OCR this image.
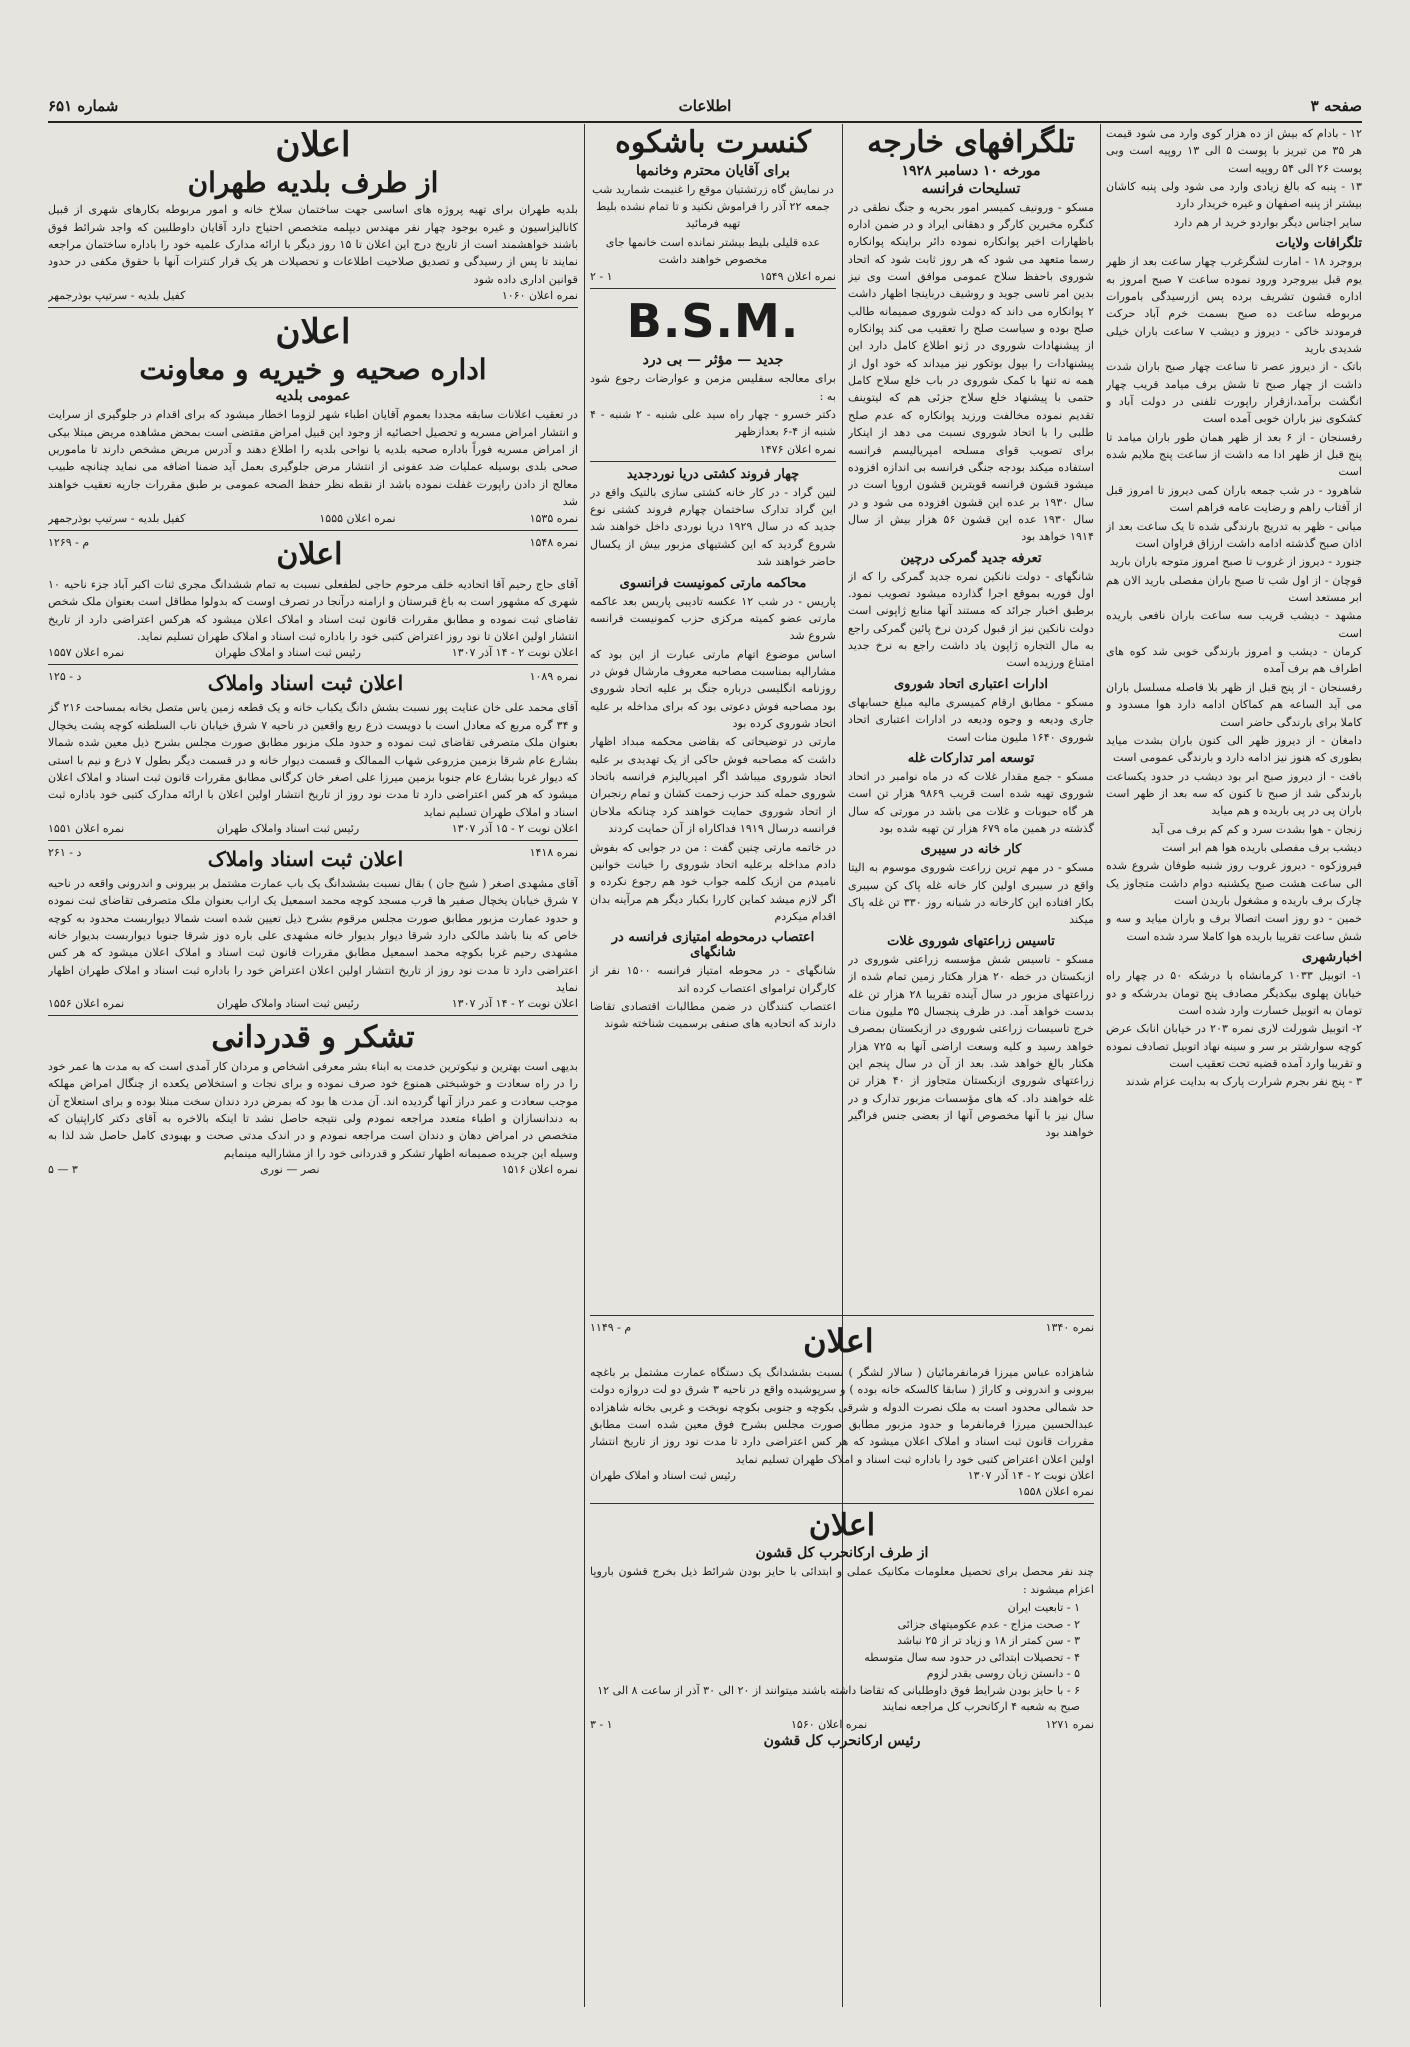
صفحه ۳
اطلاعات
شماره ۶۵۱
۱۲ - بادام که بیش از ده هزار کوی وارد می شود قیمت هر ۳۵ من تبریز با پوست ۵ الی ۱۳ روپیه است وبی پوست ۲۶ الی ۵۴ روپیه است
۱۳ - پنبه که بالغ زیادی وارد می شود ولی پنبه کاشان بیشتر از پنبه اصفهان و غیره خریدار دارد
سایر اجناس دیگر بواردو خرید ار هم دارد
تلگرافات ولایات
بروجرد ۱۸ - امارت لشگرغرب چهار ساعت بعد از ظهر یوم قبل بیروجرد ورود نموده ساعت ۷ صبح امروز به اداره قشون تشریف برده پس ازرسیدگی بامورات مربوطه ساعت ده صبح بسمت خرم آباد حرکت فرمودند خاکی - دیروز و دیشب ۷ ساعت باران خیلی شدیدی بارید
باتک - از دیروز عصر تا ساعت چهار صبح باران شدت داشت از چهار صبح تا شش برف میامد قریب چهار انگشت برآمد،ازقرار راپورت تلفنی در دولت آباد و کشکوی نیز باران خوبی آمده است
رفسنجان - از ۶ بعد از ظهر همان طور باران میامد تا پنج قبل از ظهر ادا مه داشت از ساعت پنج ملایم شده است
شاهرود - در شب جمعه باران کمی دیروز تا امروز قبل از آفتاب راهم و رضایت عامه فراهم است
میانی - ظهر به تدریج بارندگی شده تا یک ساعت بعد از اذان صبح گذشته ادامه داشت ارزاق فراوان است
جنورد - دیروز از غروب تا صبح امروز متوجه باران بارید
قوچان - از اول شب تا صبح باران مفصلی بارید الان هم ابر مستعد است
مشهد - دیشب قریب سه ساعت باران نافعی باریده است
کرمان - دیشب و امروز بارندگی خوبی شد کوه های اطراف هم برف آمده
رفسنجان - از پنج قبل از ظهر بلا فاصله مسلسل باران می آید الساعه هم کماکان ادامه دارد هوا مسدود و کاملا برای بارندگی حاضر است
دامغان - از دیروز ظهر الی کنون باران بشدت میاید بطوری که هنوز نیز ادامه دارد و بارندگی عمومی است
بافت - از دیروز صبح ابر بود دیشب در حدود یکساعت بارندگی شد از صبح تا کنون که سه بعد از ظهر است باران پی در پی باریده و هم میاید
زنجان - هوا بشدت سرد و کم کم برف می آید
دیشب برف مفصلی باریده هوا هم ابر است
فیروزکوه - دیروز غروب روز شنبه طوفان شروع شده الی ساعت هشت صبح یکشنبه دوام داشت متجاوز یک چارک برف باریده و مشغول باریدن است
خمین - دو روز است اتصالا برف و باران میاید و سه و شش ساعت تقریبا باریده هوا کاملا سرد شده است
اخبارشهری
۱- اتوبیل ۱۰۳۳ کرمانشاه با درشکه ۵۰ در چهار راه خیابان پهلوی بیکدیگر مصادف پنج تومان بدرشکه و دو تومان به اتوبیل خسارت وارد شده است
۲- اتوبیل شورلت لاری نمره ۲۰۳ در خیابان انابک عرض کوچه سوارشتر بر سر و سینه نهاد اتوبیل تصادف نموده و تقریبا وارد آمده قضیه تحت تعقیب است
۳ - پنج نفر بجرم شرارت پارک به بدایت عزام شدند
تلگرافهای خارجه
مورخه ۱۰ دسامبر ۱۹۲۸
تسلیحات فرانسه
مسکو - ورونیف کمیسر امور بحریه و جنگ نطقی در کنگره مخبرین کارگر و دهقانی ایراد و در ضمن اداره باظهارات اخیر پوانکاره نموده دائر براینکه پوانکاره رسما متعهد می شود که هر روز ثابت شود که اتحاد شوروی باحفظ سلاح عمومی موافق است وی نیز بدین امر تاسی جوید و روشیف درباینجا اظهار داشت ۲ پوانکاره می داند که دولت شوروی صمیمانه طالب صلح بوده و سیاست صلح را تعقیب می کند پوانکاره از پیشنهادات شوروی در ژنو اطلاع کامل دارد این پیشنهادات را بپول بوتکور نیز میداند که خود اول از همه نه تنها با کمک شوروی در باب خلع سلاح کامل حتمی با پیشنهاد خلع سلاح جزئی هم که لیتوینف تقدیم نموده مخالفت ورزید پوانکاره که عدم صلح طلبی را با اتحاد شوروی نسبت می دهد از اینکار برای تصویب قوای مسلحه امپریالیسم فرانسه استفاده میکند بودجه جنگی فرانسه بی اندازه افزوده میشود قشون فرانسه قویترین قشون اروپا است در سال ۱۹۳۰ بر عده این قشون افزوده می شود و در سال ۱۹۳۰ عده این قشون ۵۶ هزار بیش از سال ۱۹۱۴ خواهد بود
تعرفه جدید گمرکی درچین
شانگهای - دولت نانکین نمره جدید گمرکی را که از اول فوریه بموقع اجرا گذارده میشود تصویب نمود. برطبق اخبار جرائد که مستند آنها منابع ژاپونی است دولت نانکین نیز از قبول کردن نرخ پائین گمرکی راجع به مال التجاره ژاپون یاد داشت راجع به نرخ جدید امتناع ورزیده است
ادارات اعتباری اتحاد شوروی
مسکو - مطابق ارقام کمیسری مالیه مبلغ حسابهای جاری ودیعه و وجوه ودیعه در ادارات اعتباری اتحاد شوروی ۱۶۴۰ ملیون منات است
توسعه امر تدارکات غله
مسکو - جمع مقدار غلات که در ماه نوامبر در اتحاد شوروی تهیه شده است قریب ۹۸۶۹ هزار تن است هر گاه حبوبات و غلات می باشد در مورتی که سال گذشته در همین ماه ۶۷۹ هزار تن تهیه شده بود
کار خانه در سیبری
مسکو - در مهم ترین زراعت شوروی موسوم به الیتا واقع در سیبری اولین کار خانه غله پاک کن سیبری بکار افتاده این کارخانه در شبانه روز ۳۳۰ تن غله پاک میکند
تاسیس زراعتهای شوروی غلات
مسکو - تاسیس شش مؤسسه زراعتی شوروی در ازبکستان در خطه ۲۰ هزار هکتار زمین تمام شده از زراعتهای مزبور در سال آینده تقریبا ۲۸ هزار تن غله بدست خواهد آمد. در ظرف پنجسال ۳۵ ملیون منات خرج تاسیسات زراعتی شوروی در ازبکستان بمصرف خواهد رسید و کلیه وسعت اراضی آنها به ۷۲۵ هزار هکتار بالغ خواهد شد. بعد از آن در سال پنجم این زراعتهای شوروی ازبکستان متجاوز از ۴۰ هزار تن غله خواهند داد. که های مؤسسات مزبور تدارک و در سال نیز با آنها مخصوص آنها از بعضی جنس فراگیر خواهند بود
کنسرت باشکوه
برای آقایان محترم وخانمها
در نمایش گاه زرتشتیان موقع را غنیمت شمارید شب جمعه ۲۲ آذر را فراموش نکنید و تا تمام نشده بلیط تهیه فرمائید
عده قلیلی بلیط بیشتر نمانده است خانمها جای مخصوص خواهند داشت
نمره اعلان ۱۵۴۹
۱ - ۲
B.S.M.
جدید — مؤثر — بی درد
برای معالجه سفلیس مزمن و عوارضات رجوع شود به :
دکتر خسرو - چهار راه سید علی شنبه - ۲ شنبه - ۴ شنبه از ۴-۶ بعدازظهر
نمره اعلان ۱۴۷۶
چهار فروند کشتی دریا نوردجدید
لنین گراد - در کار خانه کشتی سازی بالتیک واقع در این گراد تدارک ساختمان چهارم فروند کشتی نوع جدید که در سال ۱۹۲۹ دریا نوردی داخل خواهند شد شروع گردید که این کشتیهای مزبور بیش از یکسال حاضر خواهند شد
محاکمه مارتی کمونیست فرانسوی
پاریس - در شب ۱۲ عکسه تادیبی پاریس بعد عاکمه مارتی عضو کمیته مرکزی حزب کمونیست فرانسه شروع شد
اساس موضوع اتهام مارتی عبارت از این بود که مشارالیه بمناسبت مصاحبه معروف مارشال فوش در روزنامه انگلیسی درباره جنگ بر علیه اتحاد شوروی بود مصاحبه فوش دعوتی بود که برای مداخله بر علیه اتحاد شوروی کرده بود
مارتی در توضیحاتی که بقاضی محکمه مبداد اظهار داشت که مصاحبه فوش حاکی از یک تهدیدی بر علیه اتحاد شوروی میباشد اگر امپریالیزم فرانسه باتحاد شوروی حمله کند حزب زحمت کشان و تمام رنجبران از اتحاد شوروی حمایت خواهند کرد چنانکه ملاحان فرانسه درسال ۱۹۱۹ فداکاراه از آن حمایت کردند
در خاتمه مارتی چنین گفت : من در جوابی که بفوش دادم مداخله برعلیه اتحاد شوروی را خیانت خوانین نامیدم من ازیک کلمه جواب خود هم رجوع نکرده و اگر لازم میشد کماین کاررا بکبار دیگر هم مرآینه بدان اقدام میکردم
اعتصاب درمحوطه امتیازی فرانسه در شانگهای
شانگهای - در محوطه امتیاز فرانسه ۱۵۰۰ نفر از کارگران تراموای اعتصاب کرده اند
اعتصاب کنندگان در ضمن مطالبات اقتصادی تقاضا دارند که اتحادیه های صنفی برسمیت شناخته شوند
نمره ۱۳۴۰
اعلان
م - ۱۱۴۹
شاهزاده عباس میرزا فرمانفرمائیان ( سالار لشگر ) نسبت بششدانگ یک دستگاه عمارت مشتمل بر باغچه بیرونی و اندرونی و کاراژ ( سابقا کالسکه خانه بوده ) و سرپوشیده واقع در ناحیه ۳ شرق دو لت دروازه دولت حد شمالی محدود است به ملک نصرت الدوله و شرقی بکوچه و جنوبی بکوچه نوبخت و غربی بخانه شاهزاده عبدالحسین میرزا فرمانفرما و حدود مزبور مطابق صورت مجلس بشرح فوق معین شده است مطابق مقررات قانون ثبت اسناد و املاک اعلان میشود که هر کس اعتراضی دارد تا مدت نود روز از تاریخ انتشار اولین اعلان اعتراض کتبی خود را باداره ثبت اسناد و املاک طهران تسلیم نماید
اعلان نوبت ۲ - ۱۴ آذر ۱۳۰۷
رئیس ثبت اسناد و املاک طهران
نمره اعلان ۱۵۵۸
اعلان
از طرف ارکانحرب کل قشون
چند نفر محصل برای تحصیل معلومات مکانیک عملی و ابتدائی با حایز بودن شرائط ذیل بخرج قشون باروپا اعزام میشوند :
۱ - تابعیت ایران
۲ - صحت مزاج - عدم عکومیتهای جزائی
۳ - سن کمتر از ۱۸ و زیاد تر از ۲۵ نباشد
۴ - تحصیلات ابتدائی در حدود سه سال متوسطه
۵ - دانستن زبان روسی بقدر لزوم
۶ - با حایز بودن شرایط فوق داوطلبانی که تقاضا داشته باشند میتوانند از ۲۰ الی ۳۰ آذر از ساعت ۸ الی ۱۲ صبح به شعبه ۴ ارکانحرب کل مراجعه نمایند
نمره ۱۲۷۱
نمره اعلان ۱۵۶۰
۱ - ۳
رئیس ارکانحرب کل قشون
اعلان
از طرف بلدیه طهران
بلدیه طهران برای تهیه پروژه های اساسی جهت ساختمان سلاخ خانه و امور مربوطه بکارهای شهری از قبیل کانالیزاسیون و غیره بوجود چهار نفر مهندس دیپلمه متخصص احتیاج دارد آقایان داوطلبین که واجد شرائط فوق باشند خواهشمند است از تاریخ درج این اعلان تا ۱۵ روز دیگر با ارائه مدارک علمیه خود را باداره ساختمان مراجعه نمایند تا پس از رسیدگی و تصدیق صلاحیت اطلاعات و تحصیلات هر یک قرار کنترات آنها با حقوق مکفی در حدود قوانین اداری داده شود
نمره اعلان ۱۰۶۰
کفیل بلدیه - سرتیپ بوذرجمهر
اعلان
اداره صحیه و خیریه و معاونت
عمومی بلدیه
در تعقیب اعلانات سابقه مجددا بعموم آقایان اطباء شهر لزوما اخطار میشود که برای اقدام در جلوگیری از سرایت و انتشار امراض مسریه و تحصیل احصائیه از وجود این قبیل امراض مقتضی است بمحض مشاهده مریض مبتلا بیکی از امراض مسریه فوراً باداره صحیه بلدیه یا نواحی بلدیه را اطلاع دهند و آدرس مریض مشخص دارند تا ماموریں صحی بلدی بوسیله عملیات ضد عفونی از انتشار مرض جلوگیری بعمل آید ضمنا اضافه می نماید چنانچه طبیب معالج از دادن راپورت غفلت نموده باشد از نقطه نظر حفظ الصحه عمومی بر طبق مقررات جاریه تعقیب خواهند شد
نمره ۱۵۳۵
نمره اعلان ۱۵۵۵
کفیل بلدیه - سرتیپ بوذرجمهر
نمره ۱۵۴۸
اعلان
م - ۱۲۶۹
آقای حاج رحیم آقا اتحادیه خلف مرحوم حاجی لطفعلی نسبت به تمام ششدانگ مجری ثنات اکبر آباد جزء ناحیه ۱۰ شهری که مشهور است به باغ قبرستان و ارامنه درآنجا در تصرف اوست که بدولوا مطاقل است بعنوان ملک شخص تقاضای ثبت نموده و مطابق مقررات قانون ثبت اسناد و املاک اعلان میشود که هرکس اعتراضی دارد از تاریخ انتشار اولین اعلان تا نود روز اعتراض کتبی خود را باداره ثبت اسناد و املاک طهران تسلیم نماید.
اعلان نوبت ۲ - ۱۴ آذر ۱۳۰۷
رئیس ثبت اسناد و املاک طهران
نمره اعلان ۱۵۵۷
نمره ۱۰۸۹
اعلان ثبت اسناد واملاک
د - ۱۲۵
آقای محمد علی خان عنایت پور نسبت بشش دانگ یکباب خانه و یک قطعه زمین یاس متصل بخانه بمساحت ۲۱۶ گز و ۳۴ گره مربع که معادل است با دویست ذرع ربع واقعین در ناحیه ۷ شرق خیابان ناب السلطنه کوچه پشت یخچال بعنوان ملک متصرفی تقاضای ثبت نموده و حدود ملک مزبور مطابق صورت مجلس بشرح ذیل معین شده شمالا بشارع عام شرقا بزمین مزروعی شهاب الممالک و قسمت دیوار خانه و در قسمت دیگر بطول ۷ ذرع و نیم با استی که دیوار غربا بشارع عام جنوبا بزمین میرزا علی اصغر خان کرگانی مطابق مقررات قانون ثبت اسناد و املاک اعلان میشود که هر کس اعتراضی دارد تا مدت نود روز از تاریخ انتشار اولین اعلان با ارائه مدارک کتبی خود باداره ثبت اسناد و املاک طهران تسلیم نماید
اعلان نوبت ۲ - ۱۵ آذر ۱۳۰۷
رئیس ثبت اسناد واملاک طهران
نمره اعلان ۱۵۵۱
نمره ۱۴۱۸
اعلان ثبت اسناد واملاک
د - ۲۶۱
آقای مشهدی اصغر ( شیخ جان ) بقال نسبت بششدانگ یک باب عمارت مشتمل بر بیرونی و اندرونی واقعه در ناحیه ۷ شرق خیابان یخچال صفیر ها قرب مسجد کوچه محمد اسمعیل یک اراب بعنوان ملک متصرفی تقاضای ثبت نموده و حدود عمارت مزبور مطابق صورت مجلس مرقوم بشرح ذیل تعیین شده است شمالا دیواربست محدود به کوچه خاص که بنا باشد مالکی دارد شرقا دیوار بدیوار خانه مشهدی علی باره دوز شرقا جنوبا دیواربست بدیوار خانه مشهدی رحیم غربا بکوچه محمد اسمعیل مطابق مقررات قانون ثبت اسناد و املاک اعلان میشود که هر کس اعتراضی دارد تا مدت نود روز از تاریخ انتشار اولین اعلان اعتراض خود را باداره ثبت اسناد و املاک طهران اظهار نماید
اعلان نوبت ۲ - ۱۴ آذر ۱۳۰۷
رئیس ثبت اسناد واملاک طهران
نمره اعلان ۱۵۵۶
تشکر و قدردانی
بدیهی است بهترین و نیکوترین خدمت به ابناء بشر معرفی اشخاص و مردان کار آمدی است که به مدت ها عمر خود را در راه سعادت و خوشبختی همنوع خود صرف نموده و برای نجات و استخلاص یکعده از چنگال امراض مهلکه موجب سعادت و عمر دراز آنها گردیده اند. آن مدت ها بود که بمرض درد دندان سخت مبتلا بوده و برای استعلاج آن به دندانسازان و اطباء متعدد مراجعه نمودم ولی نتیجه حاصل نشد تا اینکه بالاخره به آقای دکتر کاراپتیان که متخصص در امراض دهان و دندان است مراجعه نمودم و در اندک مدتی صحت و بهبودی کامل حاصل شد لذا به وسیله این جریده صمیمانه اظهار تشکر و قدردانی خود را از مشارالیه مینمایم
نمره اعلان ۱۵۱۶
نصر — نوری
۳ — ۵
